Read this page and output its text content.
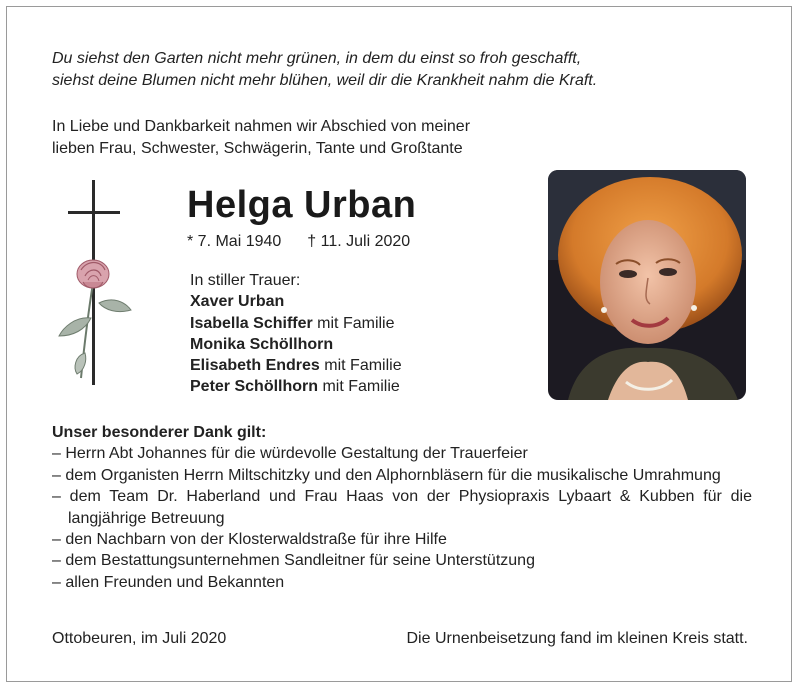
Du siehst den Garten nicht mehr grünen, in dem du einst so froh geschafft,
siehst deine Blumen nicht mehr blühen, weil dir die Krankheit nahm die Kraft.
In Liebe und Dankbarkeit nahmen wir Abschied von meiner
lieben Frau, Schwester, Schwägerin, Tante und Großtante
Helga Urban
* 7. Mai 1940 † 11. Juli 2020
In stiller Trauer:
Xaver Urban
Isabella Schiffer mit Familie
Monika Schöllhorn
Elisabeth Endres mit Familie
Peter Schöllhorn mit Familie
Unser besonderer Dank gilt:
– Herrn Abt Johannes für die würdevolle Gestaltung der Trauerfeier
– dem Organisten Herrn Miltschitzky und den Alphornbläsern für die musikalische Umrahmung
– dem Team Dr. Haberland und Frau Haas von der Physiopraxis Lybaart & Kubben für die langjährige Betreuung
– den Nachbarn von der Klosterwaldstraße für ihre Hilfe
– dem Bestattungsunternehmen Sandleitner für seine Unterstützung
– allen Freunden und Bekannten
Ottobeuren, im Juli 2020	Die Urnenbeisetzung fand im kleinen Kreis statt.
